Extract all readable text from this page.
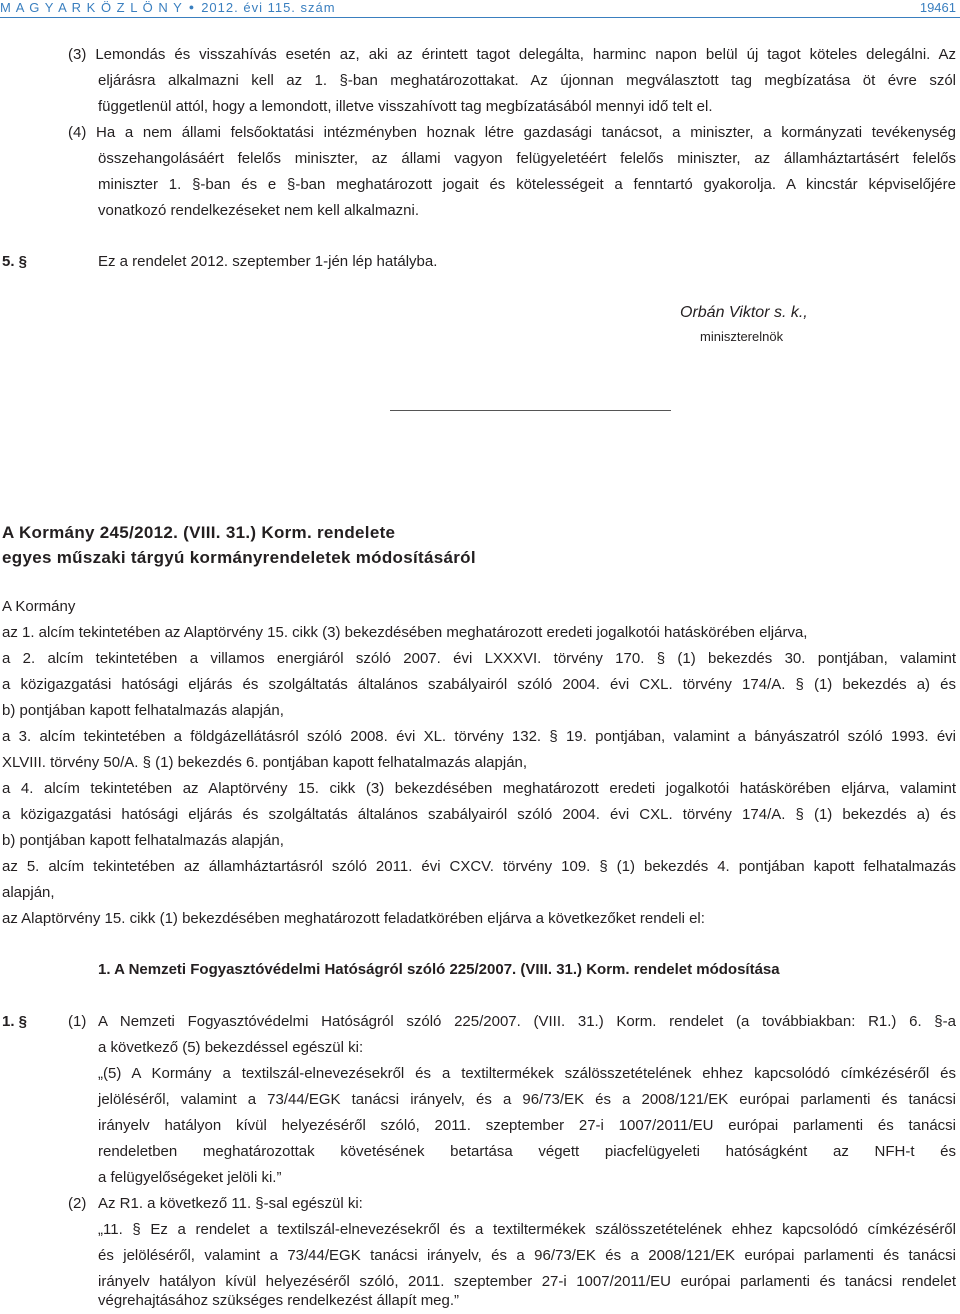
M A G Y A R K Ö Z L Ö N Y ● 2012. évi 115. szám	19461
(3) Lemondás és visszahívás esetén az, aki az érintett tagot delegálta, harminc napon belül új tagot köteles delegálni. Az
eljárásra alkalmazni kell az 1. §-ban meghatározottakat. Az újonnan megválasztott tag megbízatása öt évre szól
függetlenül attól, hogy a lemondott, illetve visszahívott tag megbízatásából mennyi idő telt el.
(4) Ha a nem állami felsőoktatási intézményben hoznak létre gazdasági tanácsot, a miniszter, a kormányzati tevékenység
összehangolásáért felelős miniszter, az állami vagyon felügyeletéért felelős miniszter, az államháztartásért felelős
miniszter 1. §-ban és e §-ban meghatározott jogait és kötelességeit a fenntartó gyakorolja. A kincstár képviselőjére
vonatkozó rendelkezéseket nem kell alkalmazni.
5. §	Ez a rendelet 2012. szeptember 1-jén lép hatályba.
Orbán Viktor s. k.,
miniszterelnök
A Kormány 245/2012. (VIII. 31.) Korm. rendelete
egyes műszaki tárgyú kormányrendeletek módosításáról
A Kormány
az 1. alcím tekintetében az Alaptörvény 15. cikk (3) bekezdésében meghatározott eredeti jogalkotói hatáskörében eljárva,
a 2. alcím tekintetében a villamos energiáról szóló 2007. évi LXXXVI. törvény 170. § (1) bekezdés 30. pontjában, valamint
a közigazgatási hatósági eljárás és szolgáltatás általános szabályairól szóló 2004. évi CXL. törvény 174/A. § (1) bekezdés a) és
b) pontjában kapott felhatalmazás alapján,
a 3. alcím tekintetében a földgázellátásról szóló 2008. évi XL. törvény 132. § 19. pontjában, valamint a bányászatról szóló 1993. évi
XLVIII. törvény 50/A. § (1) bekezdés 6. pontjában kapott felhatalmazás alapján,
a 4. alcím tekintetében az Alaptörvény 15. cikk (3) bekezdésében meghatározott eredeti jogalkotói hatáskörében eljárva, valamint
a közigazgatási hatósági eljárás és szolgáltatás általános szabályairól szóló 2004. évi CXL. törvény 174/A. § (1) bekezdés a) és
b) pontjában kapott felhatalmazás alapján,
az 5. alcím tekintetében az államháztartásról szóló 2011. évi CXCV. törvény 109. § (1) bekezdés 4. pontjában kapott felhatalmazás
alapján,
az Alaptörvény 15. cikk (1) bekezdésében meghatározott feladatkörében eljárva a következőket rendeli el:
1. A Nemzeti Fogyasztóvédelmi Hatóságról szóló 225/2007. (VIII. 31.) Korm. rendelet módosítása
1. §	(1) A Nemzeti Fogyasztóvédelmi Hatóságról szóló 225/2007. (VIII. 31.) Korm. rendelet (a továbbiakban: R1.) 6. §-a
a következő (5) bekezdéssel egészül ki:
„(5) A Kormány a textilszál-elnevezésekről és a textiltermékek szálösszetételének ehhez kapcsolódó címkézéséről és
jelöléséről, valamint a 73/44/EGK tanácsi irányelv, és a 96/73/EK és a 2008/121/EK európai parlamenti és tanácsi
irányelv hatályon kívül helyezéséről szóló, 2011. szeptember 27-i 1007/2011/EU európai parlamenti és tanácsi
rendeletben meghatározottak követésének betartása végett piacfelügyeleti hatóságként az NFH-t és
a felügyelőségeket jelöli ki.”
(2) Az R1. a következő 11. §-sal egészül ki:
„11. § Ez a rendelet a textilszál-elnevezésekről és a textiltermékek szálösszetételének ehhez kapcsolódó címkézéséről
és jelöléséről, valamint a 73/44/EGK tanácsi irányelv, és a 96/73/EK és a 2008/121/EK európai parlamenti és tanácsi
irányelv hatályon kívül helyezéséről szóló, 2011. szeptember 27-i 1007/2011/EU európai parlamenti és tanácsi rendelet
végrehajtásához szükséges rendelkezést állapít meg.”
